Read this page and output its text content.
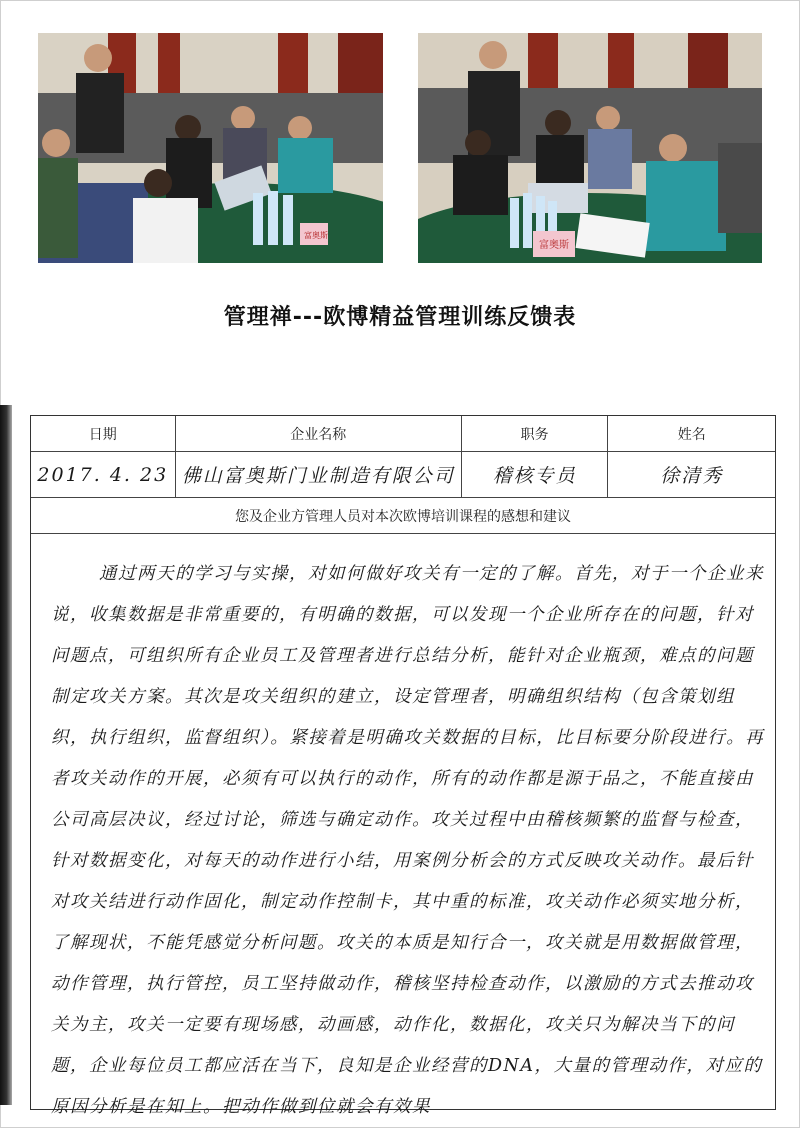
富奥斯
富奥斯
管理禅---欧博精益管理训练反馈表
日期	企业名称	职务	姓名
2017. 4. 23 佛山富奥斯门业制造有限公司	稽核专员	徐清秀
您及企业方管理人员对本次欧博培训课程的感想和建议
通过两天的学习与实操，对如何做好攻关有一定的了解。首先，对于一个企业来说，收集数据是非常重要的，有明确的数据，可以发现一个企业所存在的问题，针对问题点，可组织所有企业员工及管理者进行总结分析，能针对企业瓶颈，难点的问题制定攻关方案。其次是攻关组织的建立，设定管理者，明确组织结构（包含策划组织，执行组织，监督组织）。紧接着是明确攻关数据的目标，比目标要分阶段进行。再者攻关动作的开展，必须有可以执行的动作，所有的动作都是源于品之，不能直接由公司高层决议，经过讨论，筛选与确定动作。攻关过程中由稽核频繁的监督与检查，针对数据变化，对每天的动作进行小结，用案例分析会的方式反映攻关动作。最后针对攻关结进行动作固化，制定动作控制卡，其中重的标准，攻关动作必须实地分析，了解现状，不能凭感觉分析问题。攻关的本质是知行合一，攻关就是用数据做管理，动作管理，执行管控，员工坚持做动作，稽核坚持检查动作，以激励的方式去推动攻关为主，攻关一定要有现场感，动画感，动作化，数据化，攻关只为解决当下的问题，企业每位员工都应活在当下，良知是企业经营的DNA，大量的管理动作，对应的原因分析是在知上。把动作做到位就会有效果
